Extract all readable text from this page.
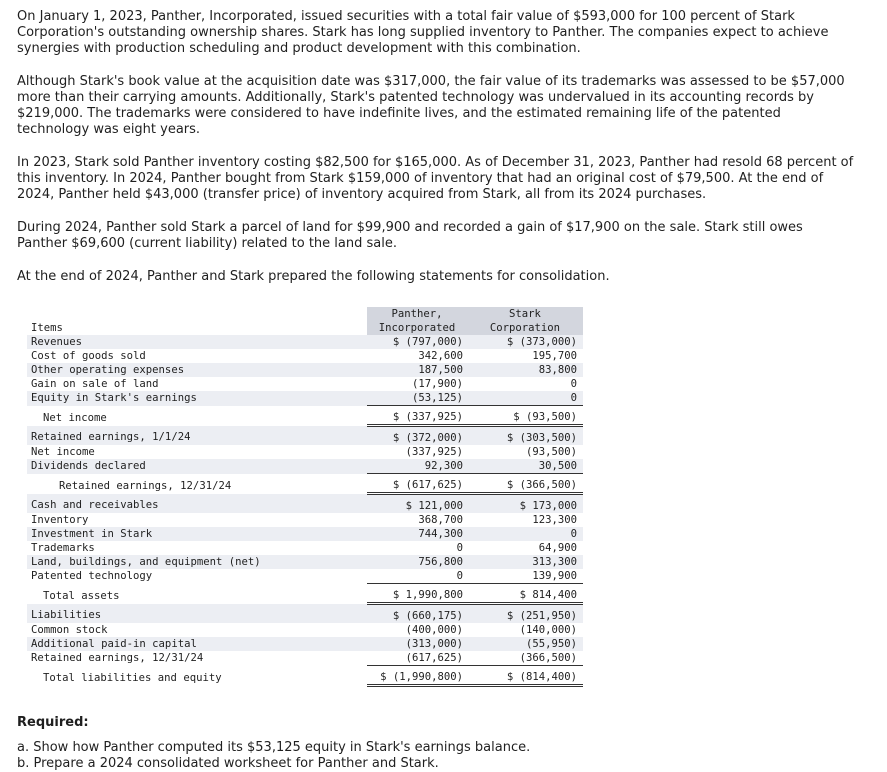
On January 1, 2023, Panther, Incorporated, issued securities with a total fair value of $593,000 for 100 percent of Stark Corporation's outstanding ownership shares. Stark has long supplied inventory to Panther. The companies expect to achieve synergies with production scheduling and product development with this combination.

Although Stark's book value at the acquisition date was $317,000, the fair value of its trademarks was assessed to be $57,000 more than their carrying amounts. Additionally, Stark's patented technology was undervalued in its accounting records by $219,000. The trademarks were considered to have indefinite lives, and the estimated remaining life of the patented technology was eight years.

In 2023, Stark sold Panther inventory costing $82,500 for $165,000. As of December 31, 2023, Panther had resold 68 percent of this inventory. In 2024, Panther bought from Stark $159,000 of inventory that had an original cost of $79,500. At the end of 2024, Panther held $43,000 (transfer price) of inventory acquired from Stark, all from its 2024 purchases.

During 2024, Panther sold Stark a parcel of land for $99,900 and recorded a gain of $17,900 on the sale. Stark still owes Panther $69,600 (current liability) related to the land sale.

At the end of 2024, Panther and Stark prepared the following statements for consolidation.

	Panther,	Stark
Items	Incorporated	Corporation
Revenues	$ (797,000)	$ (373,000)
Cost of goods sold	342,600	195,700
Other operating expenses	187,500	83,800
Gain on sale of land	(17,900)	0
Equity in Stark's earnings	(53,125)	0
Net income	$ (337,925)	$ (93,500)
Retained earnings, 1/1/24	$ (372,000)	$ (303,500)
Net income	(337,925)	(93,500)
Dividends declared	92,300	30,500
Retained earnings, 12/31/24	$ (617,625)	$ (366,500)
Cash and receivables	$ 121,000	$ 173,000
Inventory	368,700	123,300
Investment in Stark	744,300	0
Trademarks	0	64,900
Land, buildings, and equipment (net)	756,800	313,300
Patented technology	0	139,900
Total assets	$ 1,990,800	$ 814,400
Liabilities	$ (660,175)	$ (251,950)
Common stock	(400,000)	(140,000)
Additional paid-in capital	(313,000)	(55,950)
Retained earnings, 12/31/24	(617,625)	(366,500)
Total liabilities and equity	$ (1,990,800)	$ (814,400)

Required:

a. Show how Panther computed its $53,125 equity in Stark's earnings balance.

b. Prepare a 2024 consolidated worksheet for Panther and Stark.
